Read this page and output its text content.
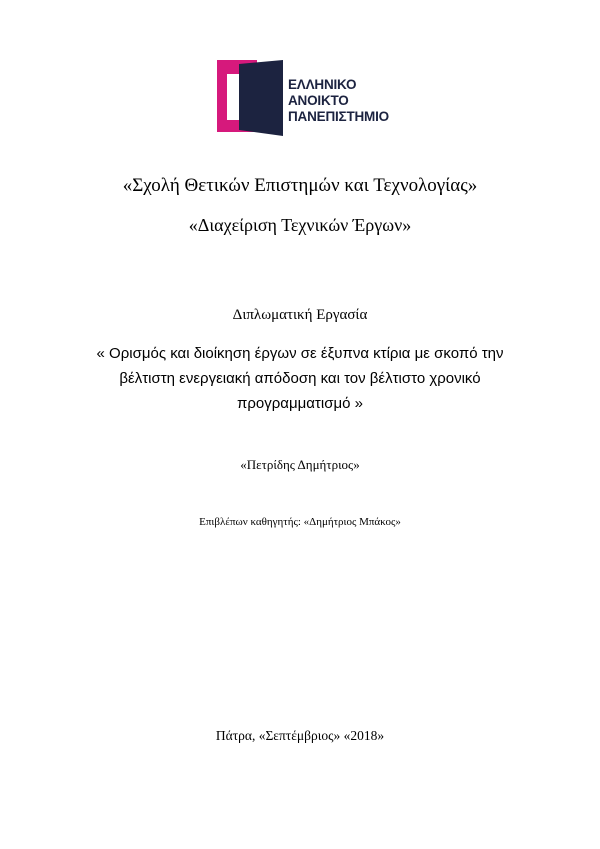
ΕΛΛΗΝΙΚΟ
ΑΝΟΙΚΤΟ
ΠΑΝΕΠΙΣΤΗΜΙΟ
«Σχολή Θετικών Επιστημών και Τεχνολογίας»
«Διαχείριση Τεχνικών Έργων»
Διπλωματική Εργασία
« Ορισμός και διοίκηση έργων σε έξυπνα κτίρια με σκοπό την
βέλτιστη ενεργειακή απόδοση και τον βέλτιστο χρονικό
προγραμματισμό »
«Πετρίδης Δημήτριος»
Επιβλέπων καθηγητής: «Δημήτριος Μπάκος»
Πάτρα, «Σεπτέμβριος» «2018»
